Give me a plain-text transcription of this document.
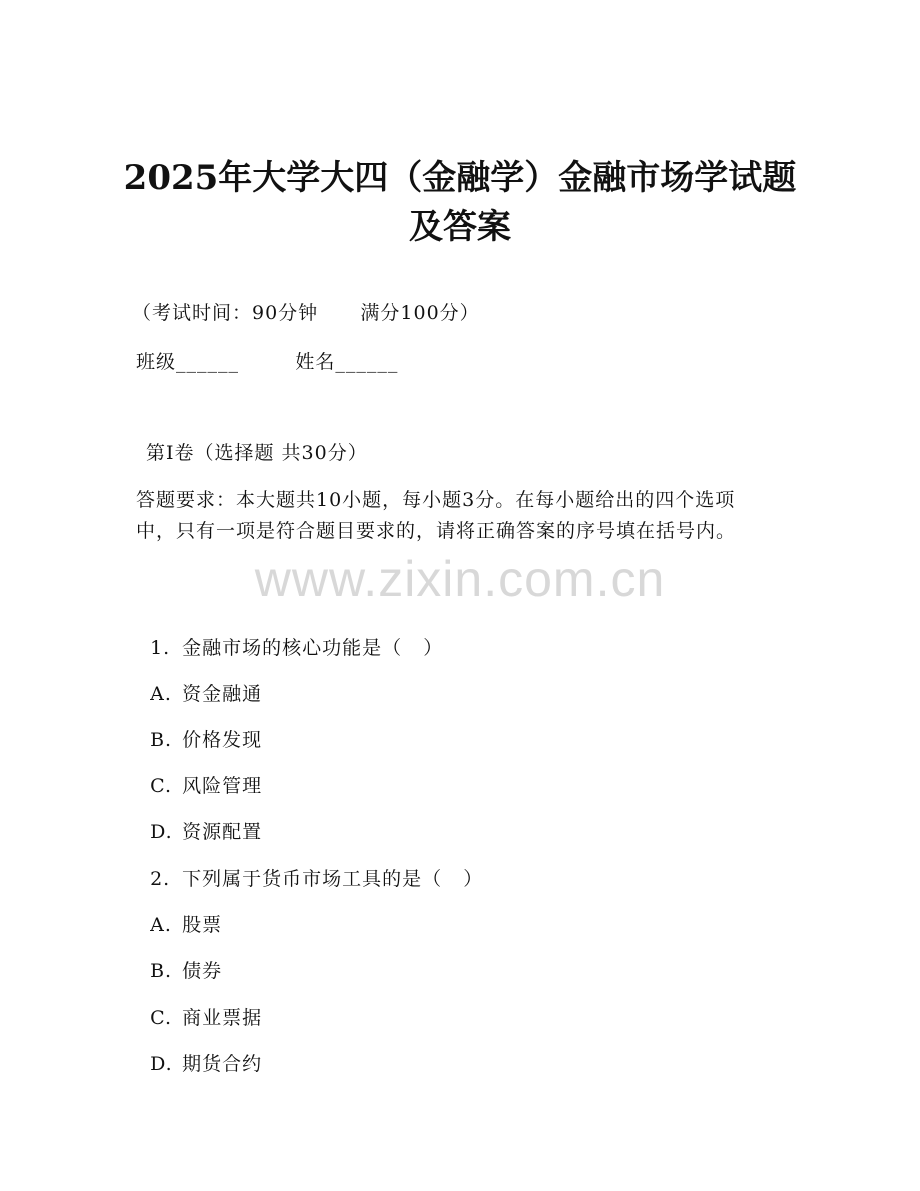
2025年大学大四（金融学）金融市场学试题
及答案
（考试时间：90分钟      满分100分）
班级______        姓名______
第I卷（选择题 共30分）
答题要求：本大题共10小题，每小题3分。在每小题给出的四个选项
中，只有一项是符合题目要求的，请将正确答案的序号填在括号内。
www.zixin.com.cn

1. 金融市场的核心功能是（   ）

A. 资金融通

B. 价格发现

C. 风险管理

D. 资源配置

2. 下列属于货币市场工具的是（   ）

A. 股票

B. 债券

C. 商业票据

D. 期货合约
